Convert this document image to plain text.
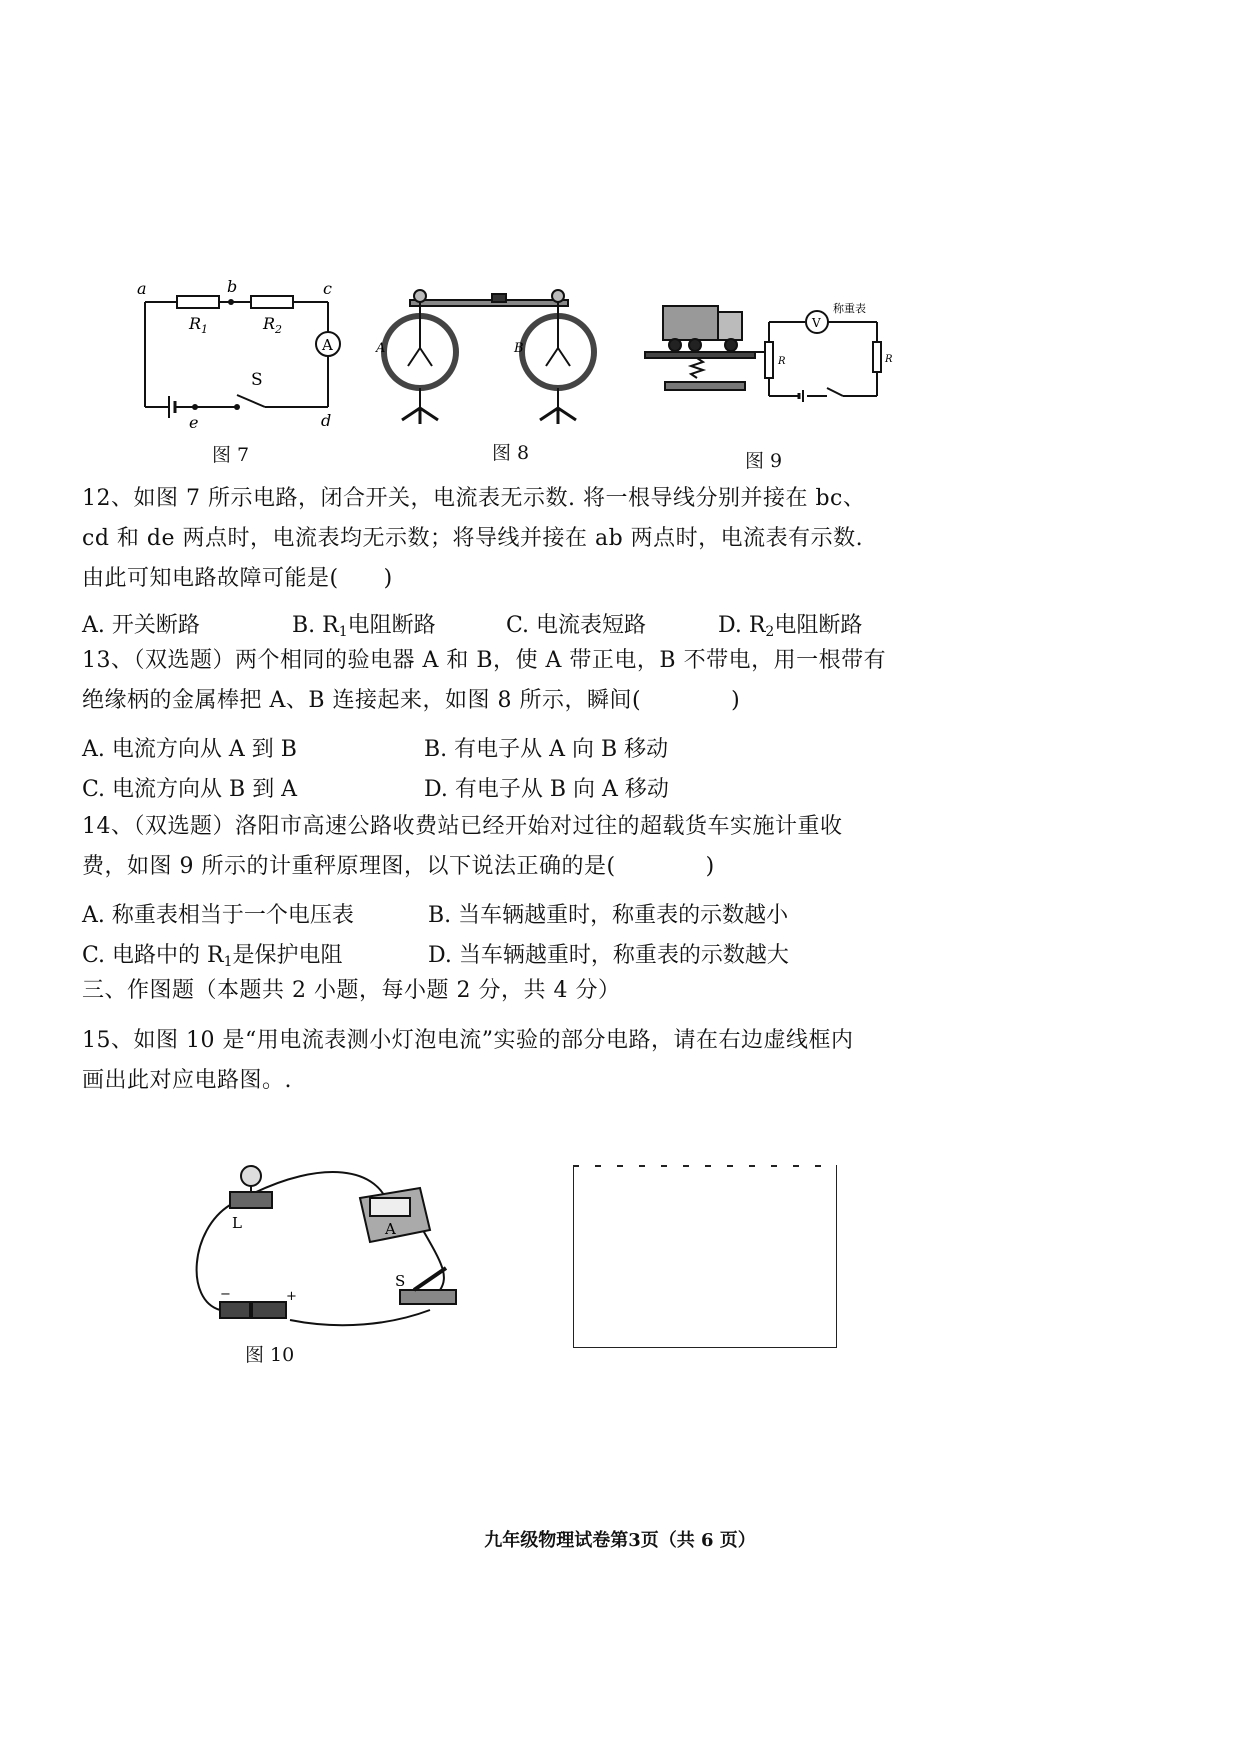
a	b	c
d
e
A
S
$R_1$	$R_2$
图 7
A	B
图 8
V
称重表
R	R
图 9
12、如图 7 所示电路，闭合开关，电流表无示数. 将一根导线分别并接在 bc、
cd 和 de 两点时，电流表均无示数；将导线并接在 ab 两点时，电流表有示数.
由此可知电路故障可能是(　　)
A. 开关断路	B. $R_1$电阻断路	C. 电流表短路	D. $R_2$电阻断路
13、（双选题）两个相同的验电器 A 和 B，使 A 带正电，B 不带电，用一根带有
绝缘柄的金属棒把 A、B 连接起来，如图 8 所示，瞬间(　　　　)
A. 电流方向从 A 到 B	B. 有电子从 A 向 B 移动
C. 电流方向从 B 到 A	D. 有电子从 B 向 A 移动
14、（双选题）洛阳市高速公路收费站已经开始对过往的超载货车实施计重收
费，如图 9 所示的计重秤原理图，以下说法正确的是(　　　　)
A. 称重表相当于一个电压表	B. 当车辆越重时，称重表的示数越小
C. 电路中的 $R_1$是保护电阻	D. 当车辆越重时，称重表的示数越大
三、作图题（本题共 2 小题，每小题 2 分，共 4 分）
15、如图 10 是“用电流表测小灯泡电流”实验的部分电路，请在右边虚线框内
画出此对应电路图。.
L	A
S
−	+
图 10
九年级物理试卷第3页（共 6 页）
